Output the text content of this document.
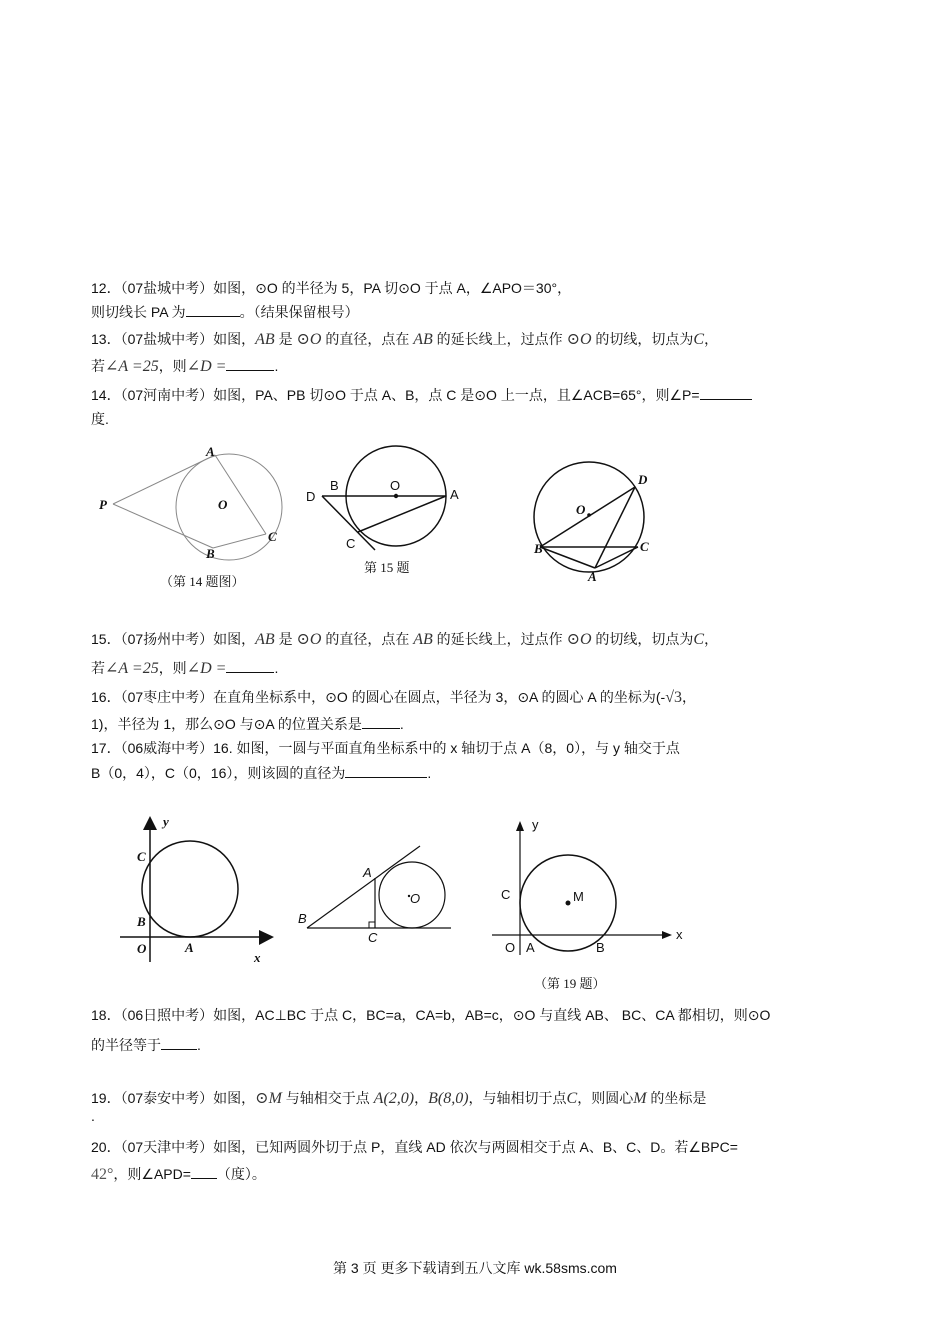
12．（07盐城中考）如图，⊙O 的半径为 5，PA 切⊙O 于点 A，∠APO＝30°，
则切线长 PA 为	。（结果保留根号）
13．（07盐城中考）如图，AB 是 ⊙O 的直径，点在 AB 的延长线上，过点作 ⊙O 的切线，切点为C，
若∠A =25，则∠D =	.
14．（07河南中考）如图，PA、PB 切⊙O 于点 A、B，点 C 是⊙O 上一点，且∠ACB=65°，则∠P=
度.
P
A
O
C
B
（第 14 题图）
D
B	O
A
C
第 15 题
D
O
B	C
A
15．（07扬州中考）如图，AB 是 ⊙O 的直径，点在 AB 的延长线上，过点作 ⊙O 的切线，切点为C，
若∠A =25，则∠D =	.
16．（07枣庄中考）在直角坐标系中，⊙O 的圆心在圆点，半径为 3，⊙A 的圆心 A 的坐标为(-√3，
1)，半径为 1，那么⊙O 与⊙A 的位置关系是	.
17．（06威海中考）16. 如图，一圆与平面直角坐标系中的 x 轴切于点 A（8，0），与 y 轴交于点
B（0，4），C（0，16），则该圆的直径为	.
y
C
B
O	A
x
A
O
B
C
y
C	M
O A	B
x
（第 19 题）
18．（06日照中考）如图，AC⊥BC 于点 C，BC=a，CA=b，AB=c，⊙O 与直线 AB、 BC、CA 都相切，则⊙O
的半径等于	.
19．（07泰安中考）如图，⊙M 与轴相交于点 A(2,0)，B(8,0)，与轴相切于点C，则圆心M 的坐标是
.
20．（07天津中考）如图，已知两圆外切于点 P，直线 AD 依次与两圆相交于点 A、B、C、D。若∠BPC=
42°，则∠APD= （度）。
第 3 页 更多下载请到五八文库 wk.58sms.com
